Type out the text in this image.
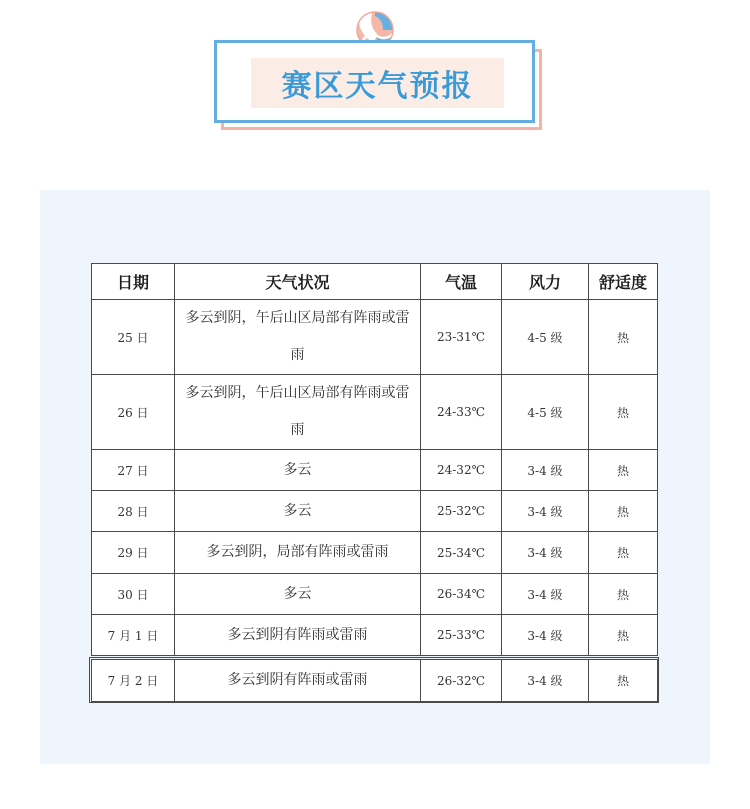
赛区天气预报
日期	天气状况	气温	风力	舒适度
25 日	多云到阴，午后山区局部有阵雨或雷雨	23-31℃	4-5 级	热
26 日	多云到阴，午后山区局部有阵雨或雷雨	24-33℃	4-5 级	热
27 日	多云	24-32℃	3-4 级	热
28 日	多云	25-32℃	3-4 级	热
29 日	多云到阴，局部有阵雨或雷雨	25-34℃	3-4 级	热
30 日	多云	26-34℃	3-4 级	热
7 月 1 日	多云到阴有阵雨或雷雨	25-33℃	3-4 级	热
7 月 2 日	多云到阴有阵雨或雷雨	26-32℃	3-4 级	热
